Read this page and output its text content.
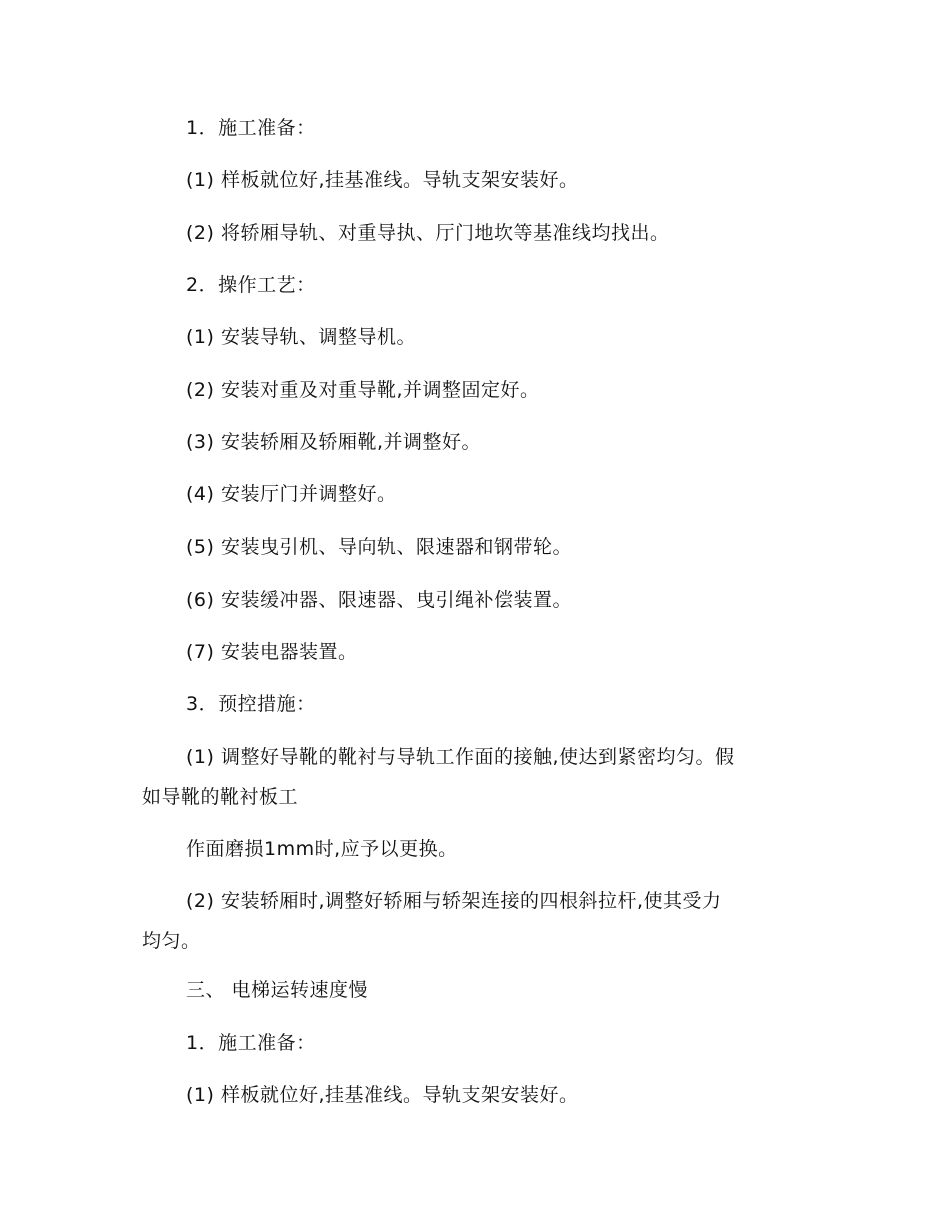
1．施工准备：
(1) 样板就位好,挂基准线。导轨支架安装好。
(2) 将轿厢导轨、对重导执、厅门地坎等基准线均找出。
2．操作工艺：
(1) 安装导轨、调整导机。
(2) 安装对重及对重导靴,并调整固定好。
(3) 安装轿厢及轿厢靴,并调整好。
(4) 安装厅门并调整好。
(5) 安装曳引机、导向轨、限速器和钢带轮。
(6) 安装缓冲器、限速器、曳引绳补偿装置。
(7) 安装电器装置。
3．预控措施：
(1) 调整好导靴的靴衬与导轨工作面的接触,使达到紧密均匀。假
如导靴的靴衬板工
作面磨损1mm时,应予以更换。
(2) 安装轿厢时,调整好轿厢与轿架连接的四根斜拉杆,使其受力
均匀。
三、 电梯运转速度慢
1．施工准备：
(1) 样板就位好,挂基准线。导轨支架安装好。
